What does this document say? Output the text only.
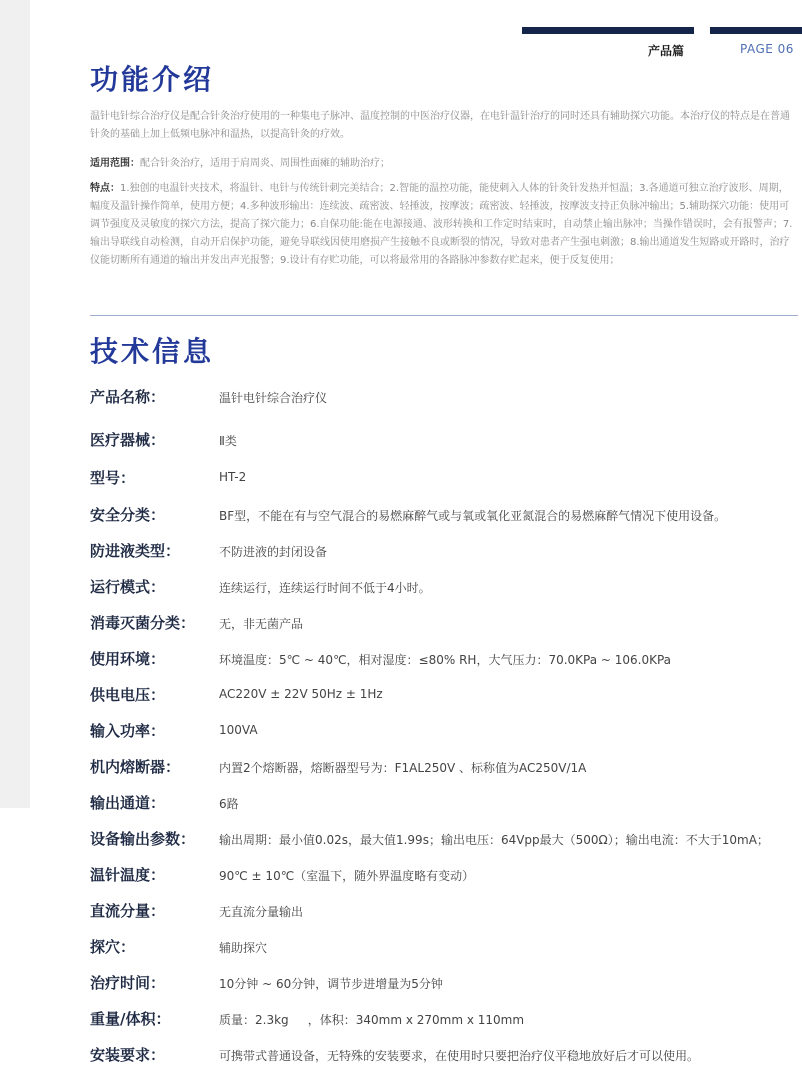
产品篇	PAGE 06
功能介绍

温针电针综合治疗仪是配合针灸治疗使用的一种集电子脉冲、温度控制的中医治疗仪器，在电针温针治疗的同时还具有辅助探穴功能。本治疗仪的特点是在普通针灸的基础上加上低频电脉冲和温热，以提高针灸的疗效。

适用范围：配合针灸治疗，适用于肩周炎、周围性面瘫的辅助治疗；

特点：1.独创的电温针夹技术，将温针、电针与传统针刺完美结合；2.智能的温控功能，能使刺入人体的针灸针发热并恒温；3.各通道可独立治疗波形、周期，幅度及温针操作简单，使用方便；4.多种波形输出：连续波、疏密波、轻捶波，按摩波；疏密波、轻捶波，按摩波支持正负脉冲输出；5.辅助探穴功能：使用可调节强度及灵敏度的探穴方法，提高了探穴能力；6.自保功能:能在电源接通、波形转换和工作定时结束时，自动禁止输出脉冲；当操作错误时，会有报警声；7.输出导联线自动检测，自动开启保护功能，避免导联线因使用磨损产生接触不良或断裂的情况，导致对患者产生强电刺激；8.输出通道发生短路或开路时，治疗仪能切断所有通道的输出并发出声光报警；9.设计有存贮功能，可以将最常用的各路脉冲参数存贮起来，便于反复使用；

技术信息
产品名称：	温针电针综合治疗仪
医疗器械：	Ⅱ类
型号：	HT-2
安全分类：	BF型，不能在有与空气混合的易燃麻醉气或与氧或氧化亚氮混合的易燃麻醉气情况下使用设备。
防进液类型：	不防进液的封闭设备
运行模式：	连续运行，连续运行时间不低于4小时。
消毒灭菌分类： 无，非无菌产品
使用环境：	环境温度：5℃ ~ 40℃，相对湿度：≤80% RH，大气压力：70.0KPa ~ 106.0KPa
供电电压：	AC220V ± 22V 50Hz ± 1Hz
输入功率：	100VA
机内熔断器：	内置2个熔断器，熔断器型号为：F1AL250V 、标称值为AC250V/1A
输出通道：	6路
设备输出参数： 输出周期：最小值0.02s，最大值1.99s；输出电压：64Vpp最大（500Ω）；输出电流：不大于10mA；
温针温度：	90℃ ± 10℃（室温下，随外界温度略有变动）
直流分量：	无直流分量输出
探穴：	辅助探穴
治疗时间：	10分钟 ~ 60分钟，调节步进增量为5分钟
重量/体积：	质量：2.3kg     ，体积：340mm x 270mm x 110mm
安装要求：	可携带式普通设备，无特殊的安装要求，在使用时只要把治疗仪平稳地放好后才可以使用。
